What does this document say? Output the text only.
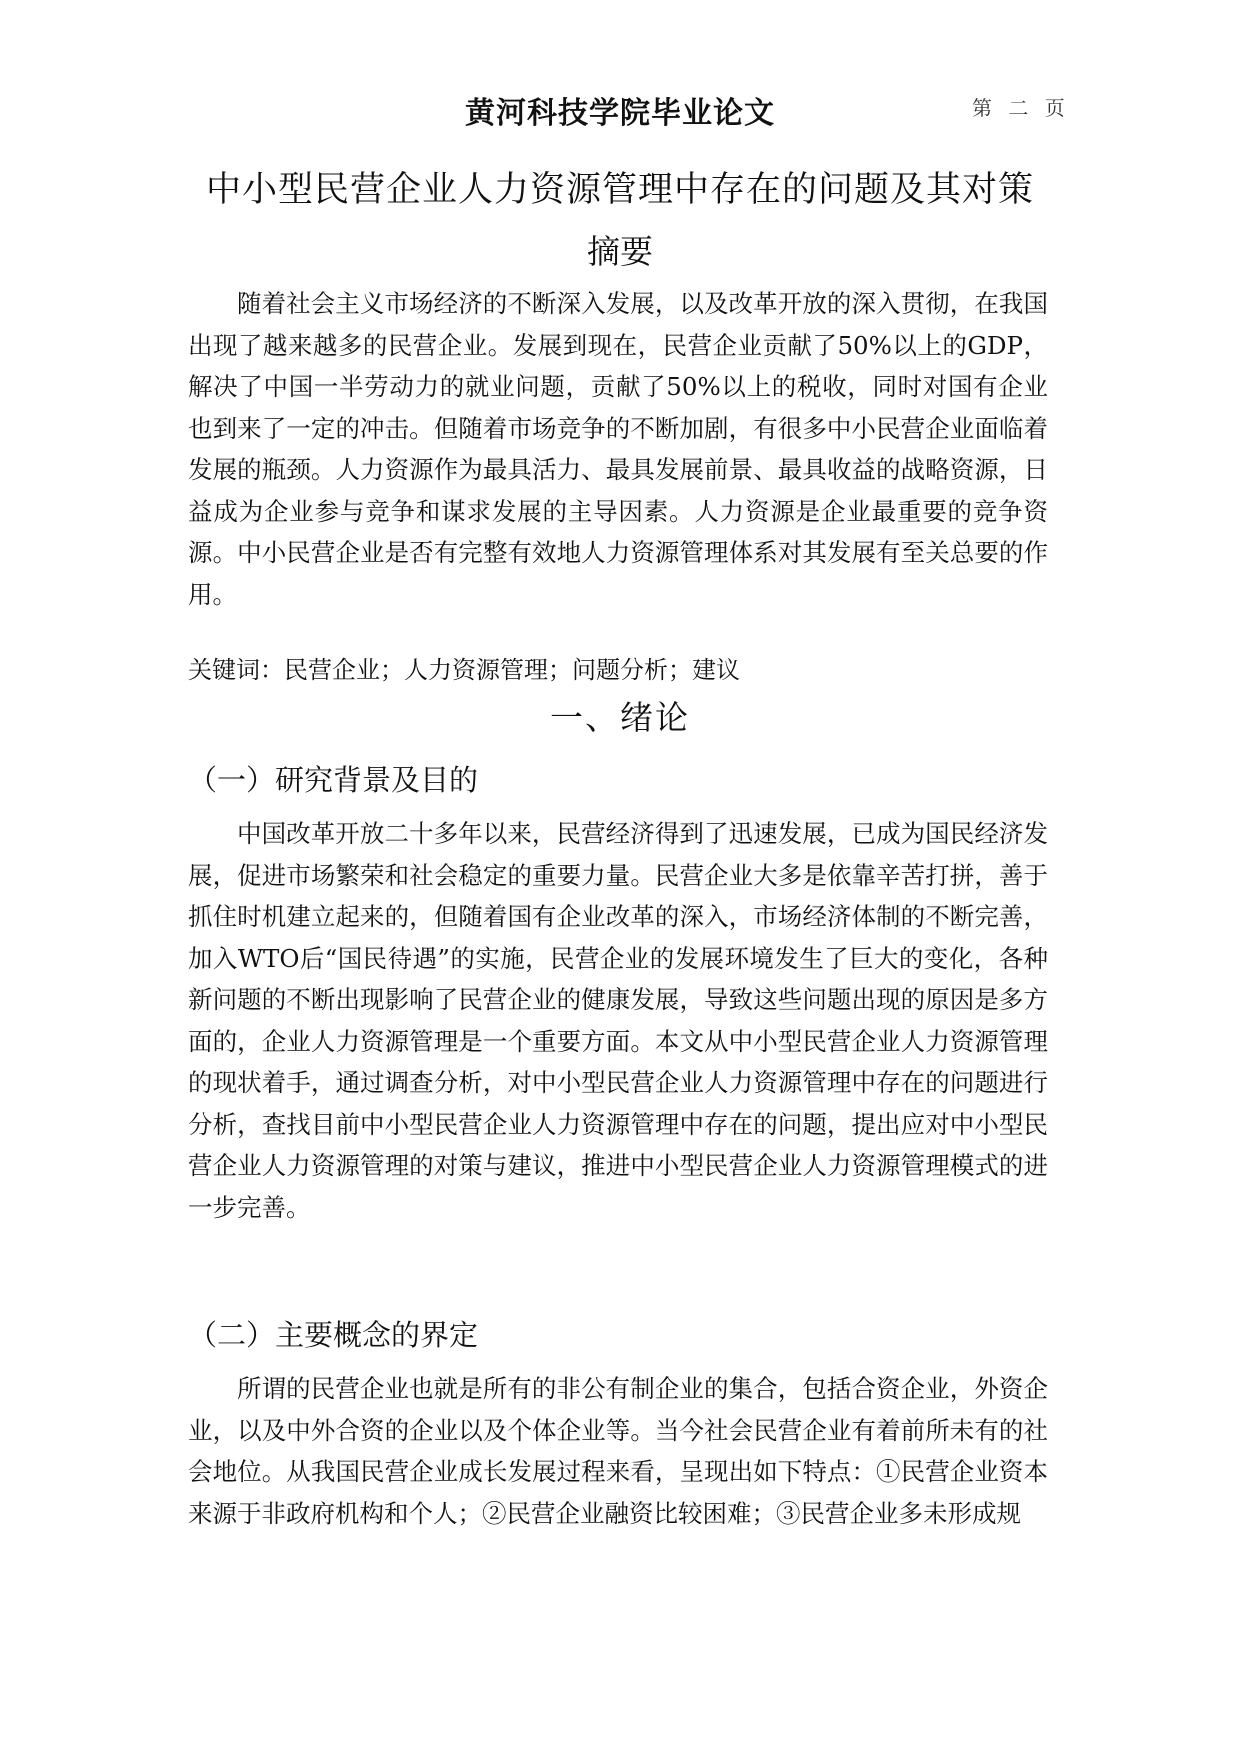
黄河科技学院毕业论文	第 二 页
中小型民营企业人力资源管理中存在的问题及其对策
摘要

随着社会主义市场经济的不断深入发展，以及改革开放的深入贯彻，在我国出现了越来越多的民营企业。发展到现在，民营企业贡献了50%以上的GDP，解决了中国一半劳动力的就业问题，贡献了50%以上的税收，同时对国有企业也到来了一定的冲击。但随着市场竞争的不断加剧，有很多中小民营企业面临着发展的瓶颈。人力资源作为最具活力、最具发展前景、最具收益的战略资源，日益成为企业参与竞争和谋求发展的主导因素。人力资源是企业最重要的竞争资源。中小民营企业是否有完整有效地人力资源管理体系对其发展有至关总要的作用。

关键词：民营企业；人力资源管理；问题分析；建议
一、绪论
（一）研究背景及目的

中国改革开放二十多年以来，民营经济得到了迅速发展，已成为国民经济发展，促进市场繁荣和社会稳定的重要力量。民营企业大多是依靠辛苦打拼，善于抓住时机建立起来的，但随着国有企业改革的深入，市场经济体制的不断完善，加入WTO后“国民待遇”的实施，民营企业的发展环境发生了巨大的变化，各种新问题的不断出现影响了民营企业的健康发展，导致这些问题出现的原因是多方面的，企业人力资源管理是一个重要方面。本文从中小型民营企业人力资源管理的现状着手，通过调查分析，对中小型民营企业人力资源管理中存在的问题进行分析，查找目前中小型民营企业人力资源管理中存在的问题，提出应对中小型民营企业人力资源管理的对策与建议，推进中小型民营企业人力资源管理模式的进一步完善。

（二）主要概念的界定

所谓的民营企业也就是所有的非公有制企业的集合，包括合资企业，外资企业，以及中外合资的企业以及个体企业等。当今社会民营企业有着前所未有的社会地位。从我国民营企业成长发展过程来看，呈现出如下特点：①民营企业资本来源于非政府机构和个人；②民营企业融资比较困难；③民营企业多未形成规
